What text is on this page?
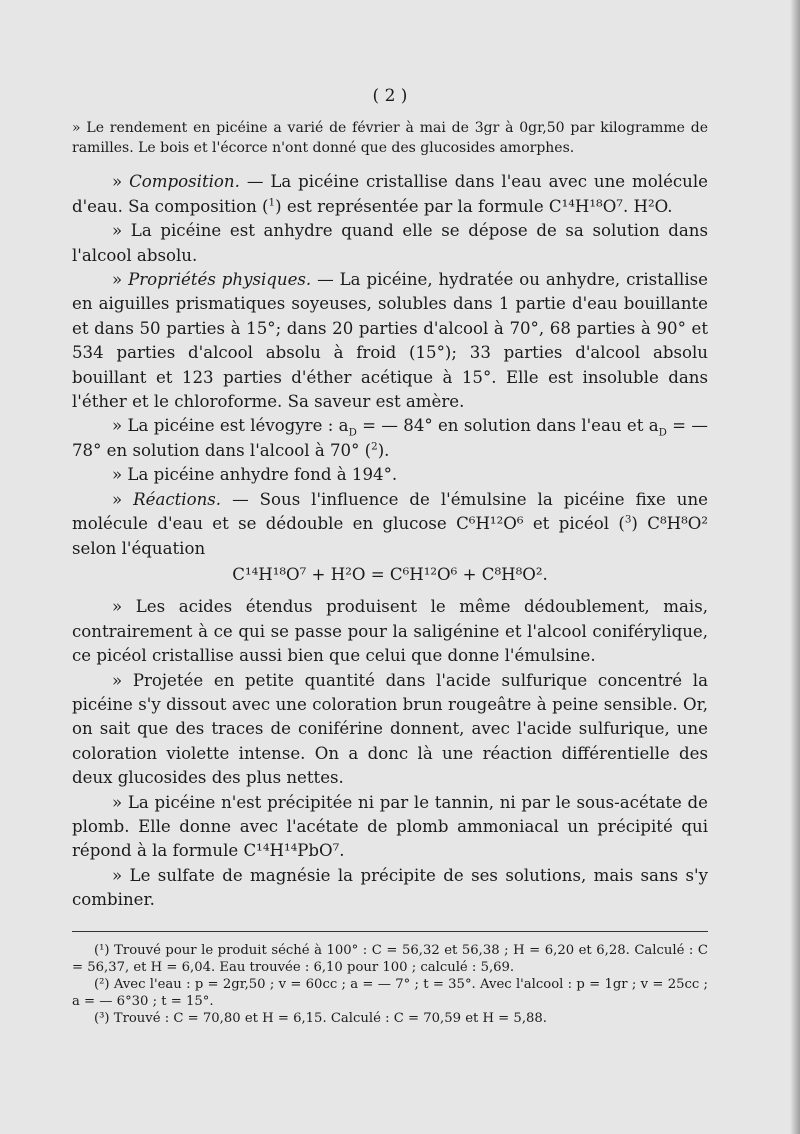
( 2 )

» Le rendement en picéine a varié de février à mai de 3gr à 0gr,50 par kilogramme de ramilles. Le bois et l'écorce n'ont donné que des glucosides amorphes.

» Composition. — La picéine cristallise dans l'eau avec une molécule d'eau. Sa composition ($^1$) est représentée par la formule C¹⁴H¹⁸O⁷. H²O.

» La picéine est anhydre quand elle se dépose de sa solution dans l'alcool absolu.

» Propriétés physiques. — La picéine, hydratée ou anhydre, cristallise en aiguilles prismatiques soyeuses, solubles dans 1 partie d'eau bouillante et dans 50 parties à 15°; dans 20 parties d'alcool à 70°, 68 parties à 90° et 534 parties d'alcool absolu à froid (15°); 33 parties d'alcool absolu bouillant et 123 parties d'éther acétique à 15°. Elle est insoluble dans l'éther et le chloroforme. Sa saveur est amère.

» La picéine est lévogyre : $a_D$ = — 84° en solution dans l'eau et $a_D$ = — 78° en solution dans l'alcool à 70° ($^2$).

» La picéine anhydre fond à 194°.

» Réactions. — Sous l'influence de l'émulsine la picéine fixe une molécule d'eau et se dédouble en glucose C⁶H¹²O⁶ et picéol ($^3$) C⁸H⁸O² selon l'équation

C¹⁴H¹⁸O⁷ + H²O = C⁶H¹²O⁶ + C⁸H⁸O².

» Les acides étendus produisent le même dédoublement, mais, contrairement à ce qui se passe pour la saligénine et l'alcool coniférylique, ce picéol cristallise aussi bien que celui que donne l'émulsine.

» Projetée en petite quantité dans l'acide sulfurique concentré la picéine s'y dissout avec une coloration brun rougeâtre à peine sensible. Or, on sait que des traces de coniférine donnent, avec l'acide sulfurique, une coloration violette intense. On a donc là une réaction différentielle des deux glucosides des plus nettes.

» La picéine n'est précipitée ni par le tannin, ni par le sous-acétate de plomb. Elle donne avec l'acétate de plomb ammoniacal un précipité qui répond à la formule C¹⁴H¹⁴PbO⁷.

» Le sulfate de magnésie la précipite de ses solutions, mais sans s'y combiner.

(¹) Trouvé pour le produit séché à 100° : C = 56,32 et 56,38 ; H = 6,20 et 6,28. Calculé : C = 56,37, et H = 6,04. Eau trouvée : 6,10 pour 100 ; calculé : 5,69.

(²) Avec l'eau : p = 2gr,50 ; v = 60cc ; a = — 7° ; t = 35°. Avec l'alcool : p = 1gr ; v = 25cc ; a = — 6°30 ; t = 15°.

(³) Trouvé : C = 70,80 et H = 6,15. Calculé : C = 70,59 et H = 5,88.
